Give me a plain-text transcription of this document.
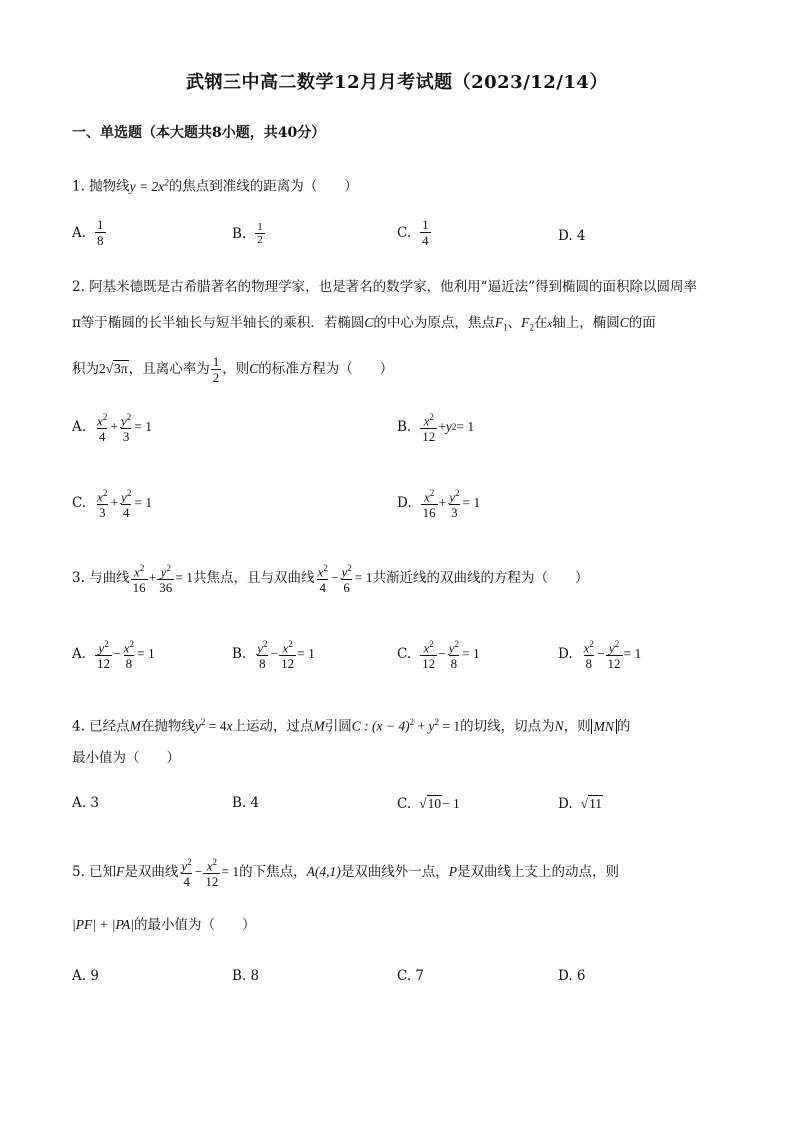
武钢三中高二数学12月月考试题（2023/12/14）
一、单选题（本大题共8小题，共40分）
1. 抛物线$y = 2x^2$的焦点到准线的距离为（　　）
A. $\frac{1}{8}$	B. $\frac{1}{2}$	C. $\frac{1}{4}$	D. 4
2. 阿基米德既是古希腊著名的物理学家，也是著名的数学家，他利用“逼近法”得到椭圆的面积除以圆周率
π等于椭圆的长半轴长与短半轴长的乘积．若椭圆C的中心为原点，焦点$F_1$、$F_2$在x轴上，椭圆C的面
积为2√3π，且离心率为 $\frac{1}{2}$ ，则C的标准方程为（　　）
A. $\frac{x^2}{4} + \frac{y^2}{3} = 1$	B. $\frac{x^2}{12} + y$ 2 = 1
C. $\frac{x^2}{3} + \frac{y^2}{4} = 1$	D. $\frac{x^2}{16} + \frac{y^2}{3} = 1$
3. 与曲线 $\frac{x^2}{16} + \frac{y^2}{36} = 1$ 共焦点，且与双曲线 $\frac{x^2}{4} - \frac{y^2}{6} = 1$ 共渐近线的双曲线的方程为（　　）
A. $\frac{y^2}{12} - \frac{x^2}{8} = 1$	B. $\frac{y^2}{8} - \frac{x^2}{12} = 1$	C. $\frac{x^2}{12} - \frac{y^2}{8} = 1$	D. $\frac{x^2}{8} - \frac{y^2}{12} = 1$
4. 已经点M在抛物线$y^2 = 4x$上运动，过点M引圆C : $(x - 4)^2 + y^2 = 1$的切线，切点为N，则 MN 的
最小值为（　　）
A. 3	B. 4	C. √ 10 − 1	D. √ 11
5. 已知 F 是双曲线 $\frac{y^2}{4} - \frac{x^2}{12} = 1$ 的下焦点， A(4,1) 是双曲线外一点， P 是双曲线上支上的动点，则
|PF| + |PA|的最小值为（　　）
A. 9	B. 8	C. 7	D. 6
